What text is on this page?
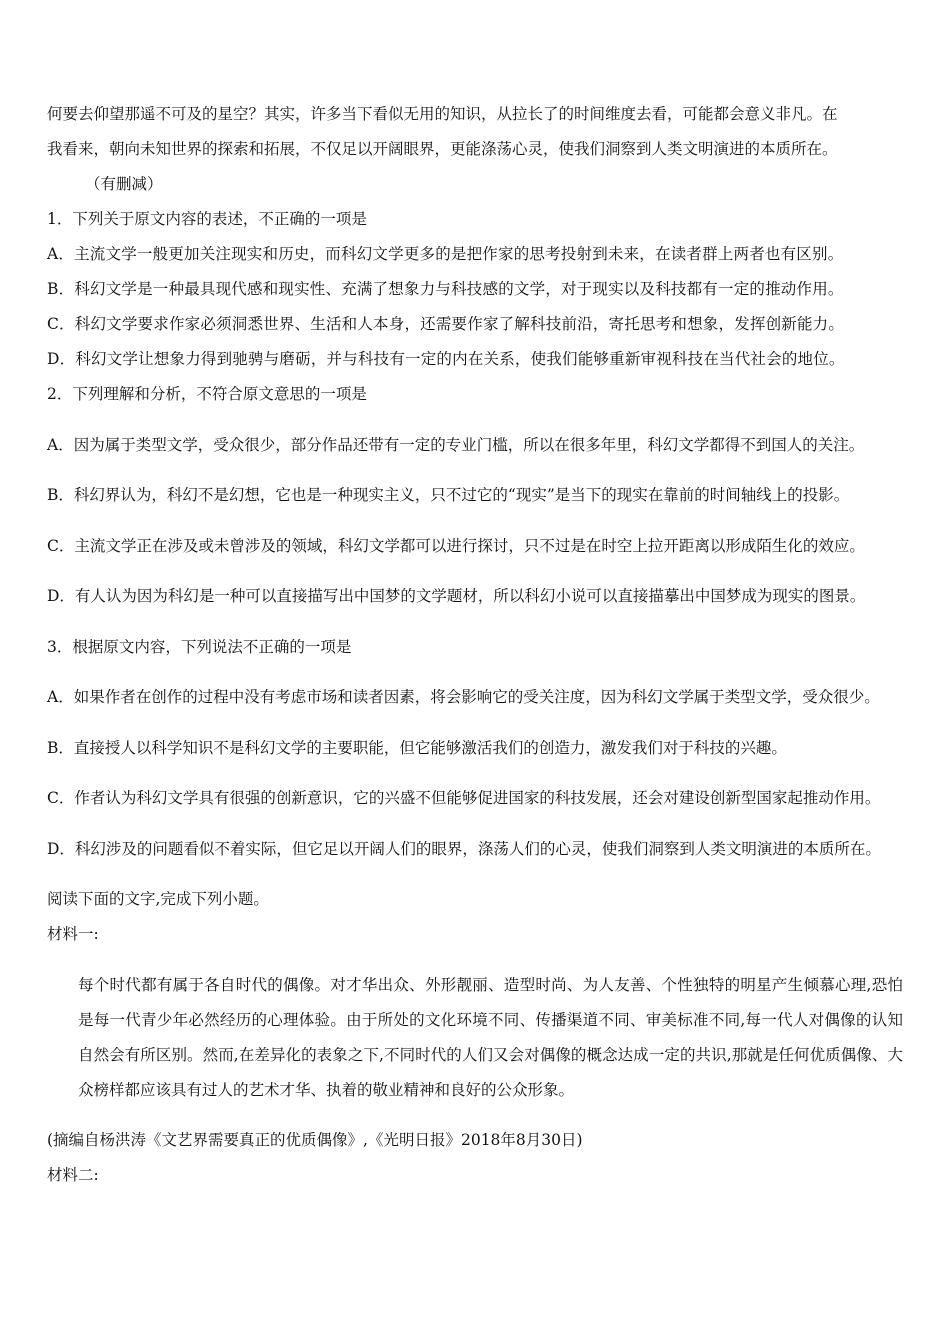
何要去仰望那遥不可及的星空？其实，许多当下看似无用的知识，从拉长了的时间维度去看，可能都会意义非凡。在

我看来，朝向未知世界的探索和拓展，不仅足以开阔眼界，更能涤荡心灵，使我们洞察到人类文明演进的本质所在。

（有删减）

1．下列关于原文内容的表述，不正确的一项是

A．主流文学一般更加关注现实和历史，而科幻文学更多的是把作家的思考投射到未来，在读者群上两者也有区别。

B．科幻文学是一种最具现代感和现实性、充满了想象力与科技感的文学，对于现实以及科技都有一定的推动作用。

C．科幻文学要求作家必须洞悉世界、生活和人本身，还需要作家了解科技前沿，寄托思考和想象，发挥创新能力。

D．科幻文学让想象力得到驰骋与磨砺，并与科技有一定的内在关系，使我们能够重新审视科技在当代社会的地位。

2．下列理解和分析，不符合原文意思的一项是

A．因为属于类型文学，受众很少，部分作品还带有一定的专业门槛，所以在很多年里，科幻文学都得不到国人的关注。

B．科幻界认为，科幻不是幻想，它也是一种现实主义，只不过它的“现实”是当下的现实在靠前的时间轴线上的投影。

C．主流文学正在涉及或未曾涉及的领域，科幻文学都可以进行探讨，只不过是在时空上拉开距离以形成陌生化的效应。

D．有人认为因为科幻是一种可以直接描写出中国梦的文学题材，所以科幻小说可以直接描摹出中国梦成为现实的图景。

3．根据原文内容，下列说法不正确的一项是

A．如果作者在创作的过程中没有考虑市场和读者因素，将会影响它的受关注度，因为科幻文学属于类型文学，受众很少。

B．直接授人以科学知识不是科幻文学的主要职能，但它能够激活我们的创造力，激发我们对于科技的兴趣。

C．作者认为科幻文学具有很强的创新意识，它的兴盛不但能够促进国家的科技发展，还会对建设创新型国家起推动作用。

D．科幻涉及的问题看似不着实际，但它足以开阔人们的眼界，涤荡人们的心灵，使我们洞察到人类文明演进的本质所在。

阅读下面的文字,完成下列小题。

材料一:

每个时代都有属于各自时代的偶像。对才华出众、外形靓丽、造型时尚、为人友善、个性独特的明星产生倾慕心理,恐怕是每一代青少年必然经历的心理体验。由于所处的文化环境不同、传播渠道不同、审美标准不同,每一代人对偶像的认知自然会有所区别。然而,在差异化的表象之下,不同时代的人们又会对偶像的概念达成一定的共识,那就是任何优质偶像、大众榜样都应该具有过人的艺术才华、执着的敬业精神和良好的公众形象。

(摘编自杨洪涛《文艺界需要真正的优质偶像》,《光明日报》2018年8月30日)

材料二:
